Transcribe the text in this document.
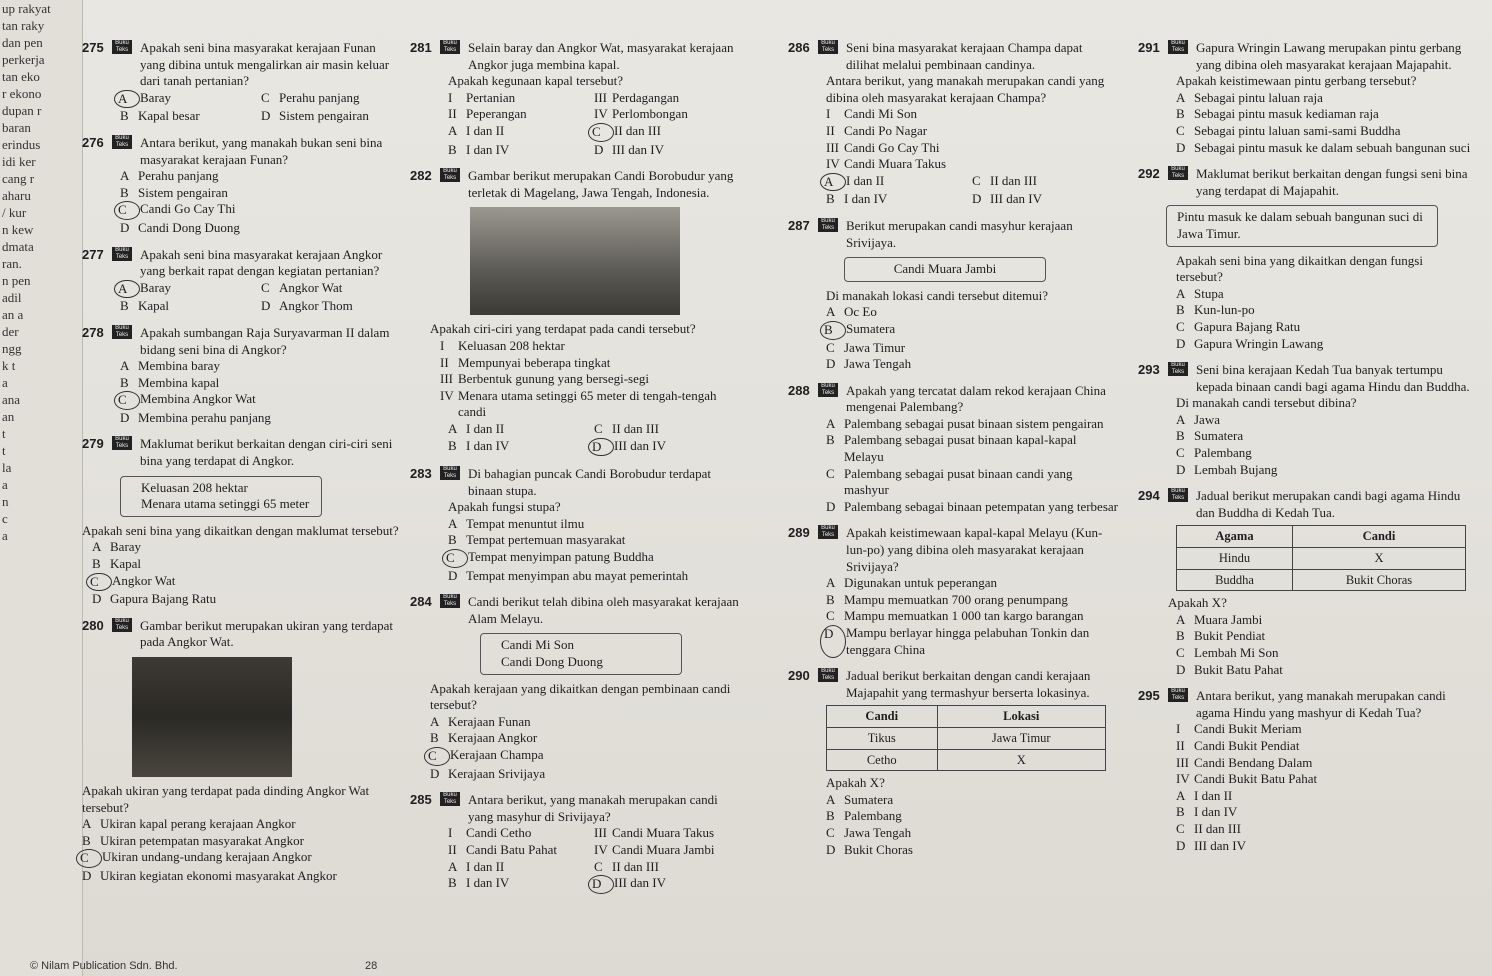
up rakyat
tan raky
dan pen
perkerja
tan eko
r ekono
dupan r
baran
erindus
idi ker
cang r
aharu
/ kur
n kew
dmata
ran.
n pen
adil
an a
der
ngg
k t
a
ana
an
t
t
la
a
n
c
a
275	Buku Teks Apakah seni bina masyarakat kerajaan Funan yang dibina untuk mengalirkan air masin keluar dari tanah pertanian?
A Baray	C Perahu panjang
B Kapal besar	D Sistem pengairan
276	Buku Teks Antara berikut, yang manakah bukan seni bina masyarakat kerajaan Funan?
A Perahu panjang
B Sistem pengairan
C	Candi Go Cay Thi
D Candi Dong Duong
277	Buku Teks Apakah seni bina masyarakat kerajaan Angkor yang berkait rapat dengan kegiatan pertanian?
A Baray	C Angkor Wat
B Kapal	D Angkor Thom
278	Buku Teks Apakah sumbangan Raja Suryavarman II dalam bidang seni bina di Angkor?
A Membina baray
B Membina kapal
C	Membina Angkor Wat
D Membina perahu panjang
279	Buku Teks Maklumat berikut berkaitan dengan ciri-ciri seni bina yang terdapat di Angkor.
Keluasan 208 hektar
Menara utama setinggi 65 meter
Apakah seni bina yang dikaitkan dengan maklumat tersebut?
A Baray
B Kapal
C	Angkor Wat
D Gapura Bajang Ratu
280	Buku Teks Gambar berikut merupakan ukiran yang terdapat pada Angkor Wat.
Apakah ukiran yang terdapat pada dinding Angkor Wat tersebut?
A Ukiran kapal perang kerajaan Angkor
B Ukiran petempatan masyarakat Angkor
C	Ukiran undang-undang kerajaan Angkor
D Ukiran kegiatan ekonomi masyarakat Angkor
281	Buku Teks Selain baray dan Angkor Wat, masyarakat kerajaan Angkor juga membina kapal.
Apakah kegunaan kapal tersebut?
I	Pertanian	III Perdagangan
II Peperangan	IV Perlombongan
A I dan II	C	II dan III
B I dan IV	D III dan IV
282	Buku Teks Gambar berikut merupakan Candi Borobudur yang terletak di Magelang, Jawa Tengah, Indonesia.
Apakah ciri-ciri yang terdapat pada candi tersebut?
I	Keluasan 208 hektar
II Mempunyai beberapa tingkat
III Berbentuk gunung yang bersegi-segi
IV Menara utama setinggi 65 meter di tengah-tengah candi
A I dan II	C II dan III
B I dan IV	D III dan IV
283	Buku Teks Di bahagian puncak Candi Borobudur terdapat binaan stupa.
Apakah fungsi stupa?
A Tempat menuntut ilmu
B Tempat pertemuan masyarakat
C	Tempat menyimpan patung Buddha
D Tempat menyimpan abu mayat pemerintah
284	Buku Teks Candi berikut telah dibina oleh masyarakat kerajaan Alam Melayu.
Candi Mi Son
Candi Dong Duong
Apakah kerajaan yang dikaitkan dengan pembinaan candi tersebut?
A Kerajaan Funan
B Kerajaan Angkor
C	Kerajaan Champa
D Kerajaan Srivijaya
285	Buku Teks Antara berikut, yang manakah merupakan candi yang masyhur di Srivijaya?
I	Candi Cetho	III Candi Muara Takus
II Candi Batu Pahat	IV Candi Muara Jambi
A I dan II	C II dan III
B I dan IV	D III dan IV
286	Buku Teks Seni bina masyarakat kerajaan Champa dapat dilihat melalui pembinaan candinya.
Antara berikut, yang manakah merupakan candi yang dibina oleh masyarakat kerajaan Champa?
I	Candi Mi Son
II Candi Po Nagar
III Candi Go Cay Thi
IV Candi Muara Takus
A I dan II	C II dan III
B I dan IV	D III dan IV
287	Buku Teks Berikut merupakan candi masyhur kerajaan Srivijaya.
Candi Muara Jambi
Di manakah lokasi candi tersebut ditemui?
A Oc Eo
B	Sumatera
C Jawa Timur
D Jawa Tengah
288	Buku Teks Apakah yang tercatat dalam rekod kerajaan China mengenai Palembang?
A Palembang sebagai pusat binaan sistem pengairan
B Palembang sebagai pusat binaan kapal-kapal Melayu
C Palembang sebagai pusat binaan candi yang mashyur
D Palembang sebagai binaan petempatan yang terbesar
289	Buku Teks Apakah keistimewaan kapal-kapal Melayu (Kun-lun-po) yang dibina oleh masyarakat kerajaan Srivijaya?
A Digunakan untuk peperangan
B Mampu memuatkan 700 orang penumpang
C Mampu memuatkan 1 000 tan kargo barangan
D Mampu berlayar hingga pelabuhan Tonkin dan tenggara China
290	Buku Teks Jadual berikut berkaitan dengan candi kerajaan Majapahit yang termashyur berserta lokasinya.
Candi	Lokasi
Tikus	Jawa Timur
Cetho	X
Apakah X?
A Sumatera
B Palembang
C Jawa Tengah
D Bukit Choras
291	Buku Teks Gapura Wringin Lawang merupakan pintu gerbang yang dibina oleh masyarakat kerajaan Majapahit.
Apakah keistimewaan pintu gerbang tersebut?
A Sebagai pintu laluan raja
B Sebagai pintu masuk kediaman raja
C Sebagai pintu laluan sami-sami Buddha
D Sebagai pintu masuk ke dalam sebuah bangunan suci
292	Buku Teks Maklumat berikut berkaitan dengan fungsi seni bina yang terdapat di Majapahit.
Pintu masuk ke dalam sebuah bangunan suci di Jawa Timur.
Apakah seni bina yang dikaitkan dengan fungsi tersebut?
A Stupa
B Kun-lun-po
C Gapura Bajang Ratu
D Gapura Wringin Lawang
293	Buku Teks Seni bina kerajaan Kedah Tua banyak tertumpu kepada binaan candi bagi agama Hindu dan Buddha.
Di manakah candi tersebut dibina?
A Jawa
B Sumatera
C Palembang
D Lembah Bujang
294	Buku Teks Jadual berikut merupakan candi bagi agama Hindu dan Buddha di Kedah Tua.
Agama	Candi
Hindu	X
Buddha	Bukit Choras
Apakah X?
A Muara Jambi
B Bukit Pendiat
C Lembah Mi Son
D Bukit Batu Pahat
295	Buku Teks Antara berikut, yang manakah merupakan candi agama Hindu yang mashyur di Kedah Tua?
I	Candi Bukit Meriam
II Candi Bukit Pendiat
III Candi Bendang Dalam
IV Candi Bukit Batu Pahat
A I dan II
B I dan IV
C II dan III
D III dan IV
© Nilam Publication Sdn. Bhd.	28
